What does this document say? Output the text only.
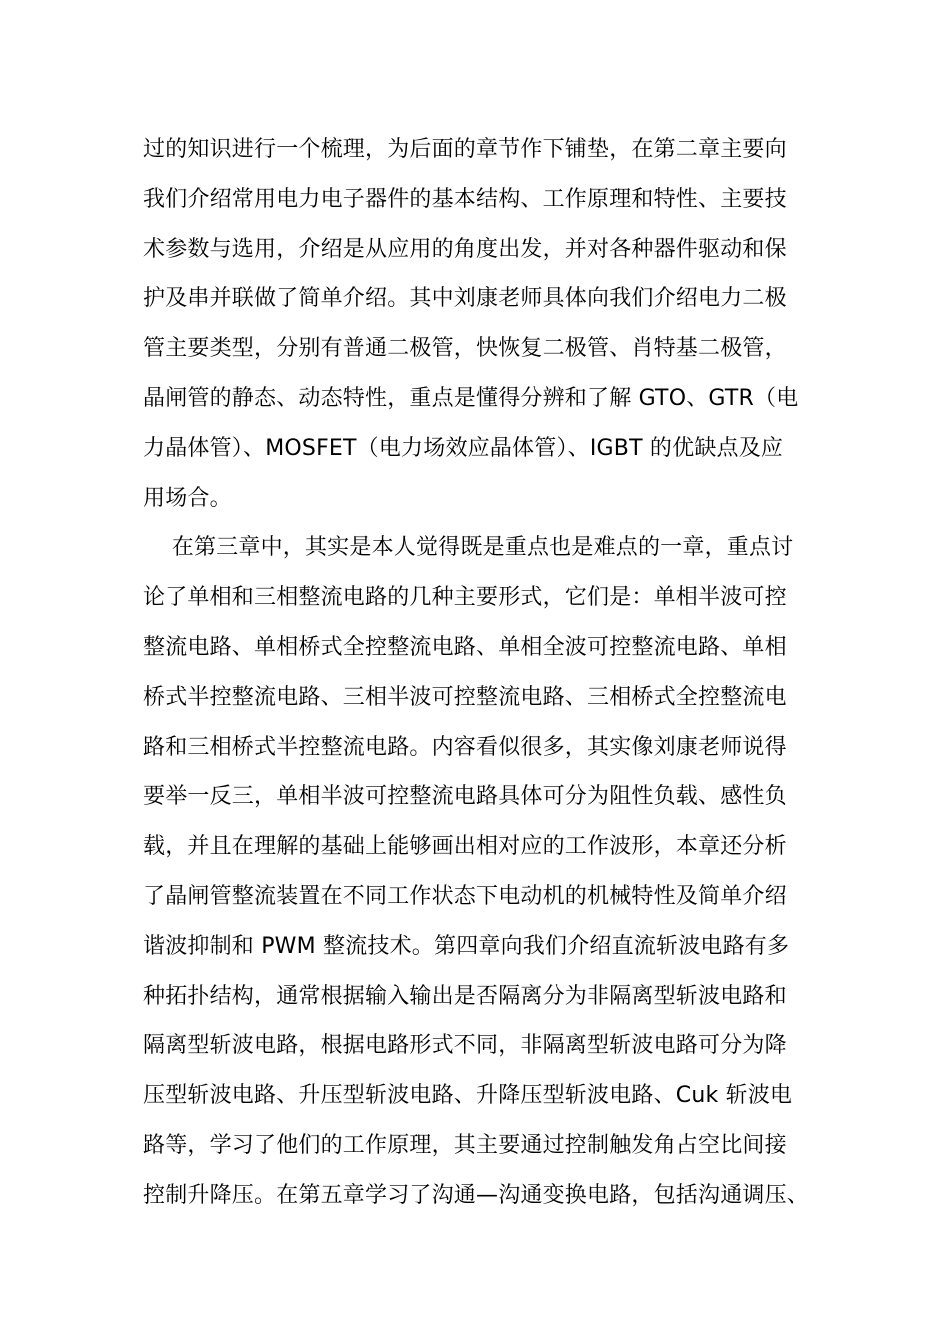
过的知识进行一个梳理，为后面的章节作下铺垫，在第二章主要向
我们介绍常用电力电子器件的基本结构、工作原理和特性、主要技
术参数与选用，介绍是从应用的角度出发，并对各种器件驱动和保
护及串并联做了简单介绍。其中刘康老师具体向我们介绍电力二极
管主要类型，分别有普通二极管，快恢复二极管、肖特基二极管，
晶闸管的静态、动态特性，重点是懂得分辨和了解 GTO、GTR（电
力晶体管）、MOSFET（电力场效应晶体管）、IGBT 的优缺点及应
用场合。
在第三章中，其实是本人觉得既是重点也是难点的一章，重点讨
论了单相和三相整流电路的几种主要形式，它们是：单相半波可控
整流电路、单相桥式全控整流电路、单相全波可控整流电路、单相
桥式半控整流电路、三相半波可控整流电路、三相桥式全控整流电
路和三相桥式半控整流电路。内容看似很多，其实像刘康老师说得
要举一反三，单相半波可控整流电路具体可分为阻性负载、感性负
载，并且在理解的基础上能够画出相对应的工作波形，本章还分析
了晶闸管整流装置在不同工作状态下电动机的机械特性及简单介绍
谐波抑制和 PWM 整流技术。第四章向我们介绍直流斩波电路有多
种拓扑结构，通常根据输入输出是否隔离分为非隔离型斩波电路和
隔离型斩波电路，根据电路形式不同，非隔离型斩波电路可分为降
压型斩波电路、升压型斩波电路、升降压型斩波电路、Cuk 斩波电
路等，学习了他们的工作原理，其主要通过控制触发角占空比间接
控制升降压。在第五章学习了沟通—沟通变换电路，包括沟通调压、
